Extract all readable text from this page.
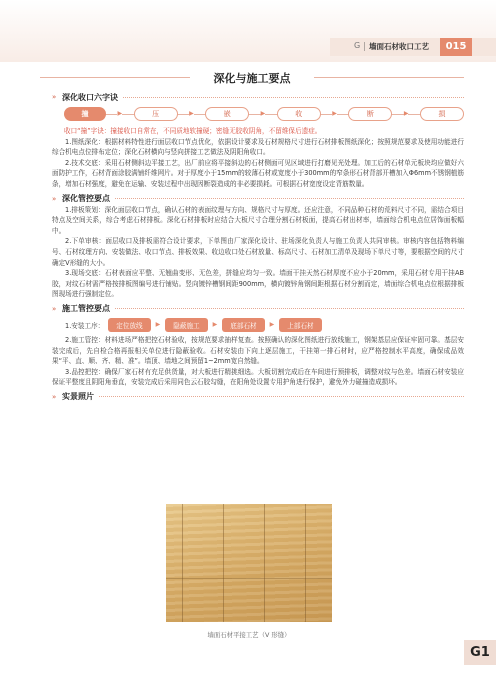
G 墙面石材收口工艺	015
深化与施工要点
» 深化收口六字诀
撞	▶	压	▶	嵌	▶	收	▶	断	▶	损

收口“撞”字诀：撞接收口自常在，不同质地软撞硬；密缝无胶收阴角，不留维保后遗症。

1.图纸深化：根据材料特性进行面层收口节点优化，依据设计要求及石材规格尺寸进行石材排板图纸深化；按照规范要求及使用功能进行综合机电点位排布定位；深化石材横向与竖向拼接工艺做法及阴阳角收口。

2.技术交底：采用石材侧斜边平接工艺，出厂前应将平接斜边的石材侧面可见区域进行打磨见光处理。加工后的石材单元板块均应做好六面防护工作，石材背面涂胶满铺纤维网片。对于厚度小于15mm的较薄石材或宽度小于300mm的窄条形石材背部开槽加入Φ6mm不锈钢植筋条，增加石材强度，避免在运输、安装过程中出现因断裂造成的非必要损耗。可根据石材宽度设定背筋数量。

» 深化管控要点

1.排板策划：深化面层收口节点，确认石材的表面纹理与方向、规格尺寸与厚度。还应注意，不同品种石材的荒料尺寸不同，需结合项目特点及空间关系，综合考虑石材排板。深化石材排板时应结合大板尺寸合理分割石材板面，提高石材出材率，墙面综合机电点位居饰面板幅中。

2.下单审核：面层收口及排板需符合设计要求，下单图由厂家深化设计、驻场深化负责人与施工负责人共同审核。审核内容包括物料编号、石材纹理方向、安装做法、收口节点、排板效果、收边收口处石材放量、标高尺寸、石材加工清单及现场下单尺寸等，要根据空间的尺寸确定V形缝的大小。

3.现场交底：石材表面应平整、无翘曲变形、无色差，拼缝应均匀一致。墙面干挂天然石材厚度不应小于20mm，采用石材专用干挂AB胶，对纹石材需严格按排板图编号进行铺贴。竖向镀锌槽钢间距900mm，横向镀锌角钢间距根据石材分割而定，墙面综合机电点位根据排板图现场进行强制定位。

» 施工管控要点
1.安装工序：	定位放线	▶	隐蔽施工	▶	底部石材	▶	上部石材

2.施工管控：材料进场严格把控石材验收，按规范要求抽样复查。按照确认的深化图纸进行放线施工，钢架基层应保证牢固可靠。基层安装完成后，先自检合格再报相关单位进行隐蔽验收。石材安装由下向上逐层施工，干挂第一排石材时，应严格控制水平高度，确保成品效果“平、直、顺、齐、精、准”。墙顶、墙地之间预留1~2mm宽自然缝。

3.品控把控：确保厂家石材有充足供货量，对大板进行精挑细选。大板切割完成后在车间进行预排板，调整对纹与色差。墙面石材安装应保证平整度且阴阳角垂直，安装完成后采用同色云石胶勾缝，在阳角处设置专用护角进行保护，避免外力碰撞造成损坏。

» 实景照片
墙面石材平接工艺（V 形缝）
G1
